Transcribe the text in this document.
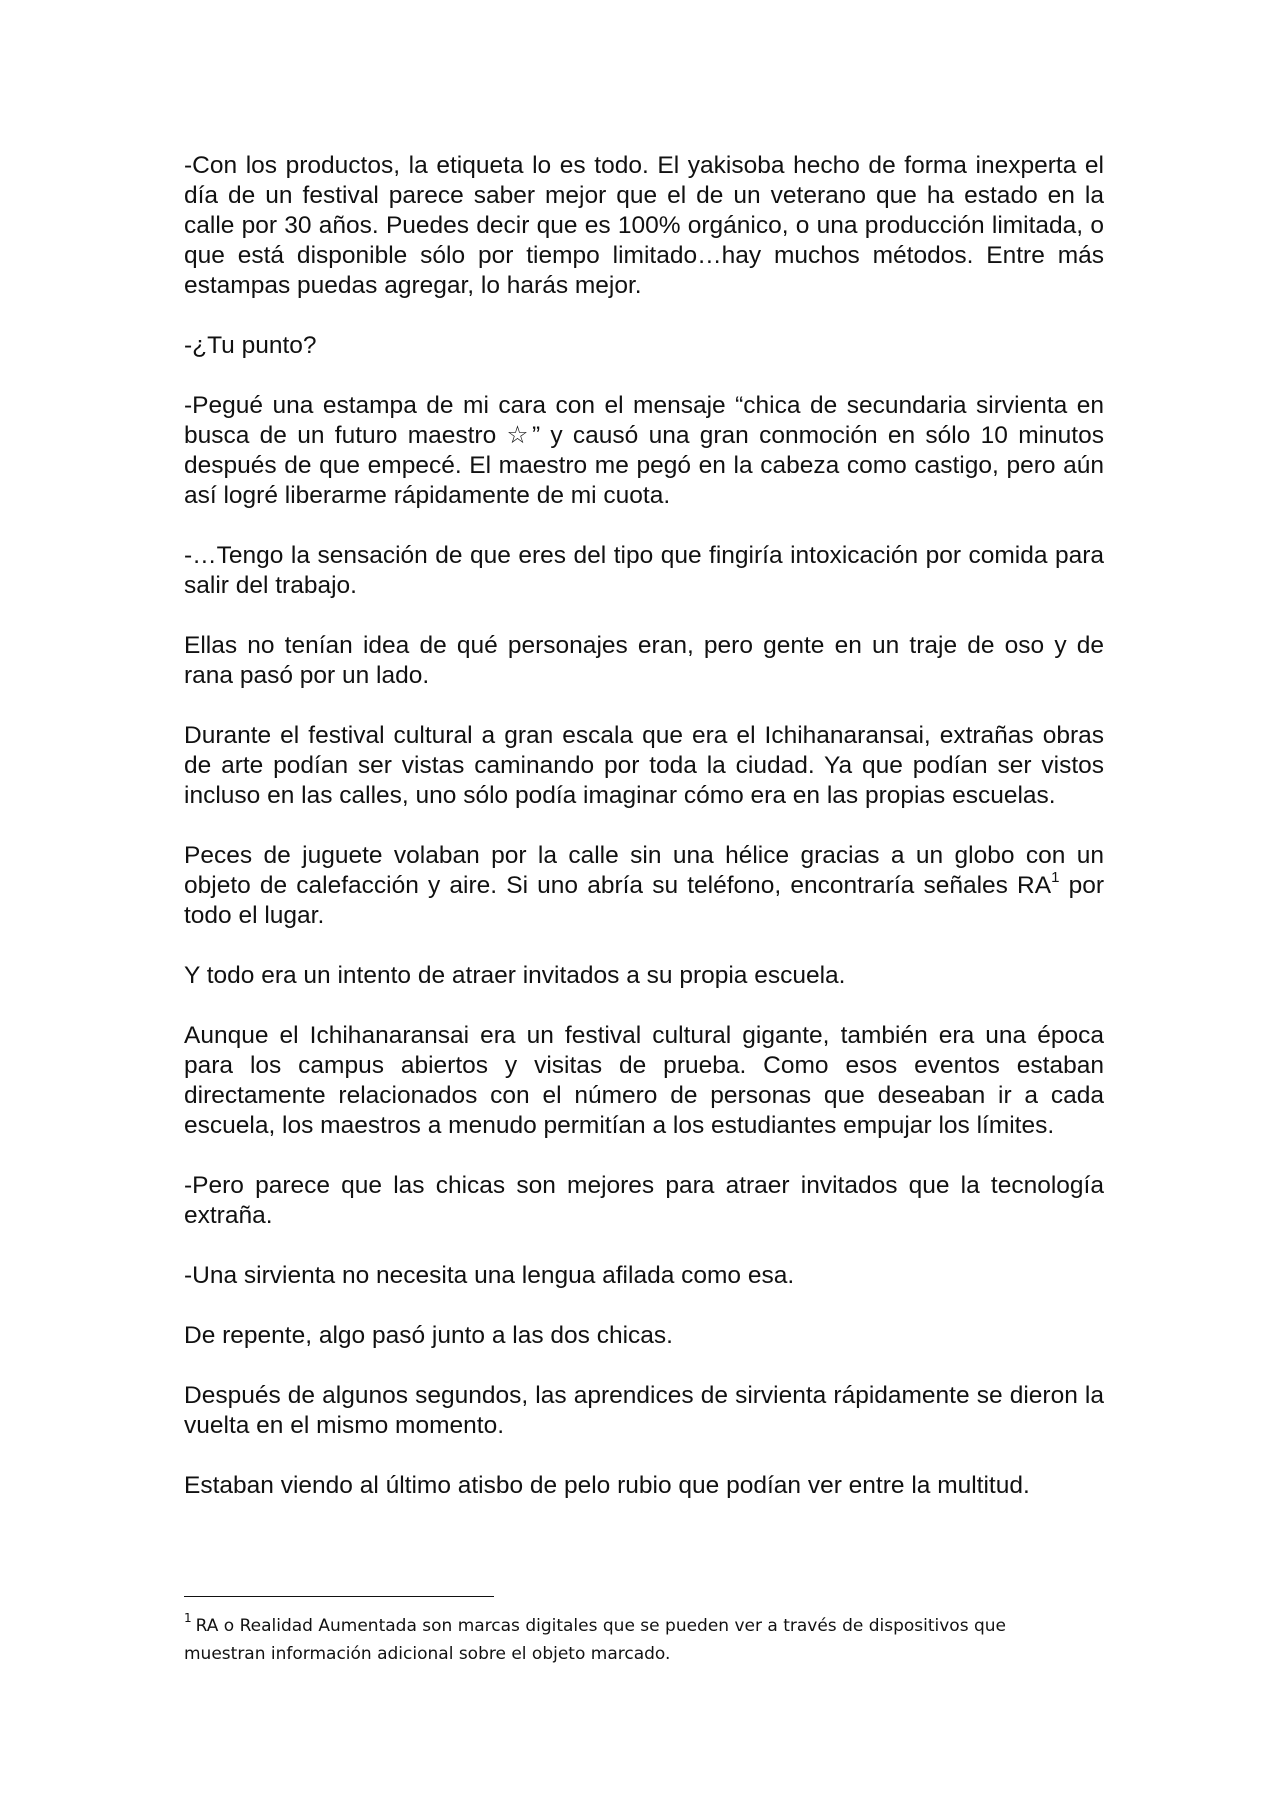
-Con los productos, la etiqueta lo es todo. El yakisoba hecho de forma inexperta el día de un festival parece saber mejor que el de un veterano que ha estado en la calle por 30 años. Puedes decir que es 100% orgánico, o una producción limitada, o que está disponible sólo por tiempo limitado…hay muchos métodos. Entre más estampas puedas agregar, lo harás mejor.

-¿Tu punto?

-Pegué una estampa de mi cara con el mensaje “chica de secundaria sirvienta en busca de un futuro maestro ☆” y causó una gran conmoción en sólo 10 minutos después de que empecé. El maestro me pegó en la cabeza como castigo, pero aún así logré liberarme rápidamente de mi cuota.

-…Tengo la sensación de que eres del tipo que fingiría intoxicación por comida para salir del trabajo.

Ellas no tenían idea de qué personajes eran, pero gente en un traje de oso y de rana pasó por un lado.

Durante el festival cultural a gran escala que era el Ichihanaransai, extrañas obras de arte podían ser vistas caminando por toda la ciudad. Ya que podían ser vistos incluso en las calles, uno sólo podía imaginar cómo era en las propias escuelas.

Peces de juguete volaban por la calle sin una hélice gracias a un globo con un objeto de calefacción y aire. Si uno abría su teléfono, encontraría señales $RA^1$ por todo el lugar.

Y todo era un intento de atraer invitados a su propia escuela.

Aunque el Ichihanaransai era un festival cultural gigante, también era una época para los campus abiertos y visitas de prueba. Como esos eventos estaban directamente relacionados con el número de personas que deseaban ir a cada escuela, los maestros a menudo permitían a los estudiantes empujar los límites.

-Pero parece que las chicas son mejores para atraer invitados que la tecnología extraña.

-Una sirvienta no necesita una lengua afilada como esa.

De repente, algo pasó junto a las dos chicas.

Después de algunos segundos, las aprendices de sirvienta rápidamente se dieron la vuelta en el mismo momento.

Estaban viendo al último atisbo de pelo rubio que podían ver entre la multitud.

$^1$ RA o Realidad Aumentada son marcas digitales que se pueden ver a través de dispositivos que muestran información adicional sobre el objeto marcado.
